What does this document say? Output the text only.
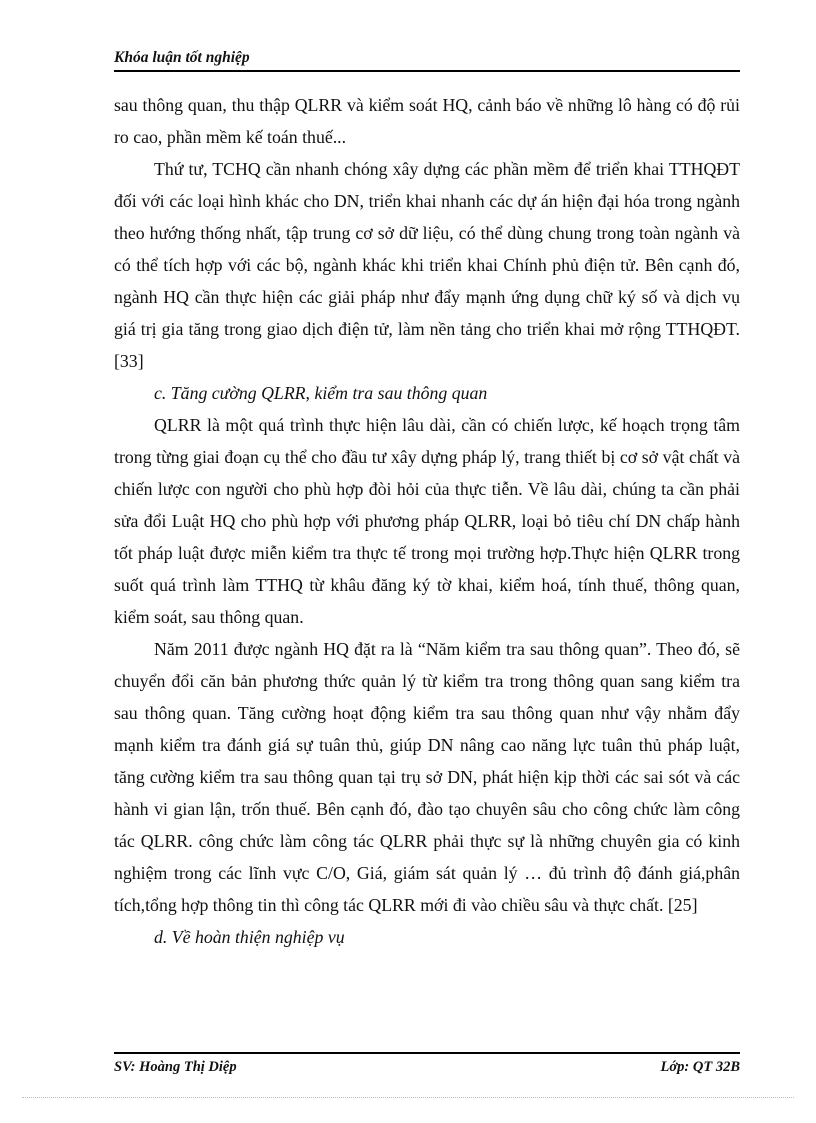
Khóa luận tốt nghiệp

sau thông quan, thu thập QLRR và kiểm soát HQ, cảnh báo về những lô hàng có độ rủi ro cao, phần mềm kế toán thuế...

Thứ tư, TCHQ cần nhanh chóng xây dựng các phần mềm để triển khai TTHQĐT đối với các loại hình khác cho DN, triển khai nhanh các dự án hiện đại hóa trong ngành theo hướng thống nhất, tập trung cơ sở dữ liệu, có thể dùng chung trong toàn ngành và có thể tích hợp với các bộ, ngành khác khi triển khai Chính phủ điện tử. Bên cạnh đó, ngành HQ cần thực hiện các giải pháp như đẩy mạnh ứng dụng chữ ký số và dịch vụ giá trị gia tăng trong giao dịch điện tử, làm nền tảng cho triển khai mở rộng TTHQĐT. [33]

c. Tăng cường QLRR, kiểm tra sau thông quan

QLRR là một quá trình thực hiện lâu dài, cần có chiến lược, kế hoạch trọng tâm trong từng giai đoạn cụ thể cho đầu tư xây dựng pháp lý, trang thiết bị cơ sở vật chất và chiến lược con người cho phù hợp đòi hỏi của thực tiễn. Về lâu dài, chúng ta cần phải sửa đổi Luật HQ cho phù hợp với phương pháp QLRR, loại bỏ tiêu chí DN chấp hành tốt pháp luật được miễn kiểm tra thực tế trong mọi trường hợp.Thực hiện QLRR trong suốt quá trình làm TTHQ từ khâu đăng ký tờ khai, kiểm hoá, tính thuế, thông quan, kiểm soát, sau thông quan.

Năm 2011 được ngành HQ đặt ra là “Năm kiểm tra sau thông quan”. Theo đó, sẽ chuyển đổi căn bản phương thức quản lý từ kiểm tra trong thông quan sang kiểm tra sau thông quan. Tăng cường hoạt động kiểm tra sau thông quan như vậy nhằm đẩy mạnh kiểm tra đánh giá sự tuân thủ, giúp DN nâng cao năng lực tuân thủ pháp luật, tăng cường kiểm tra sau thông quan tại trụ sở DN, phát hiện kịp thời các sai sót và các hành vi gian lận, trốn thuế. Bên cạnh đó, đào tạo chuyên sâu cho công chức làm công tác QLRR. công chức làm công tác QLRR phải thực sự là những chuyên gia có kinh nghiệm trong các lĩnh vực C/O, Giá, giám sát quản lý … đủ trình độ đánh giá,phân tích,tổng hợp thông tin thì công tác QLRR mới đi vào chiều sâu và thực chất. [25]

d. Về hoàn thiện nghiệp vụ

SV: Hoàng Thị Diệp	Lớp: QT 32B
